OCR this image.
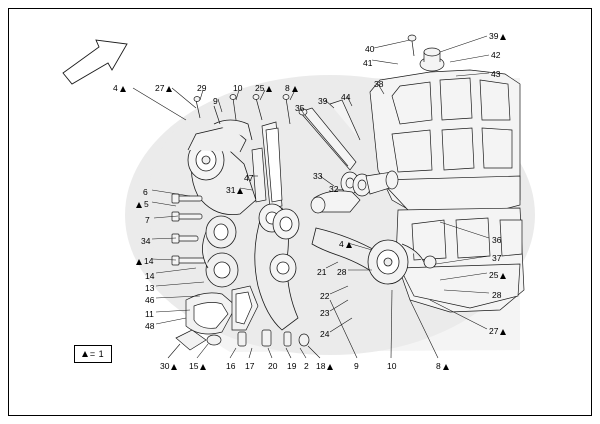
4	27	29	10 25	8
9
35
39 44
38
41
40
39
42
43
47
31
33
32
6
5
7
34
14
14
13
46
11
48
4
21 28
22
23
24
36
37
25
28
27
30	15	16 17 20 19 2 18	9	10	8
= 1
